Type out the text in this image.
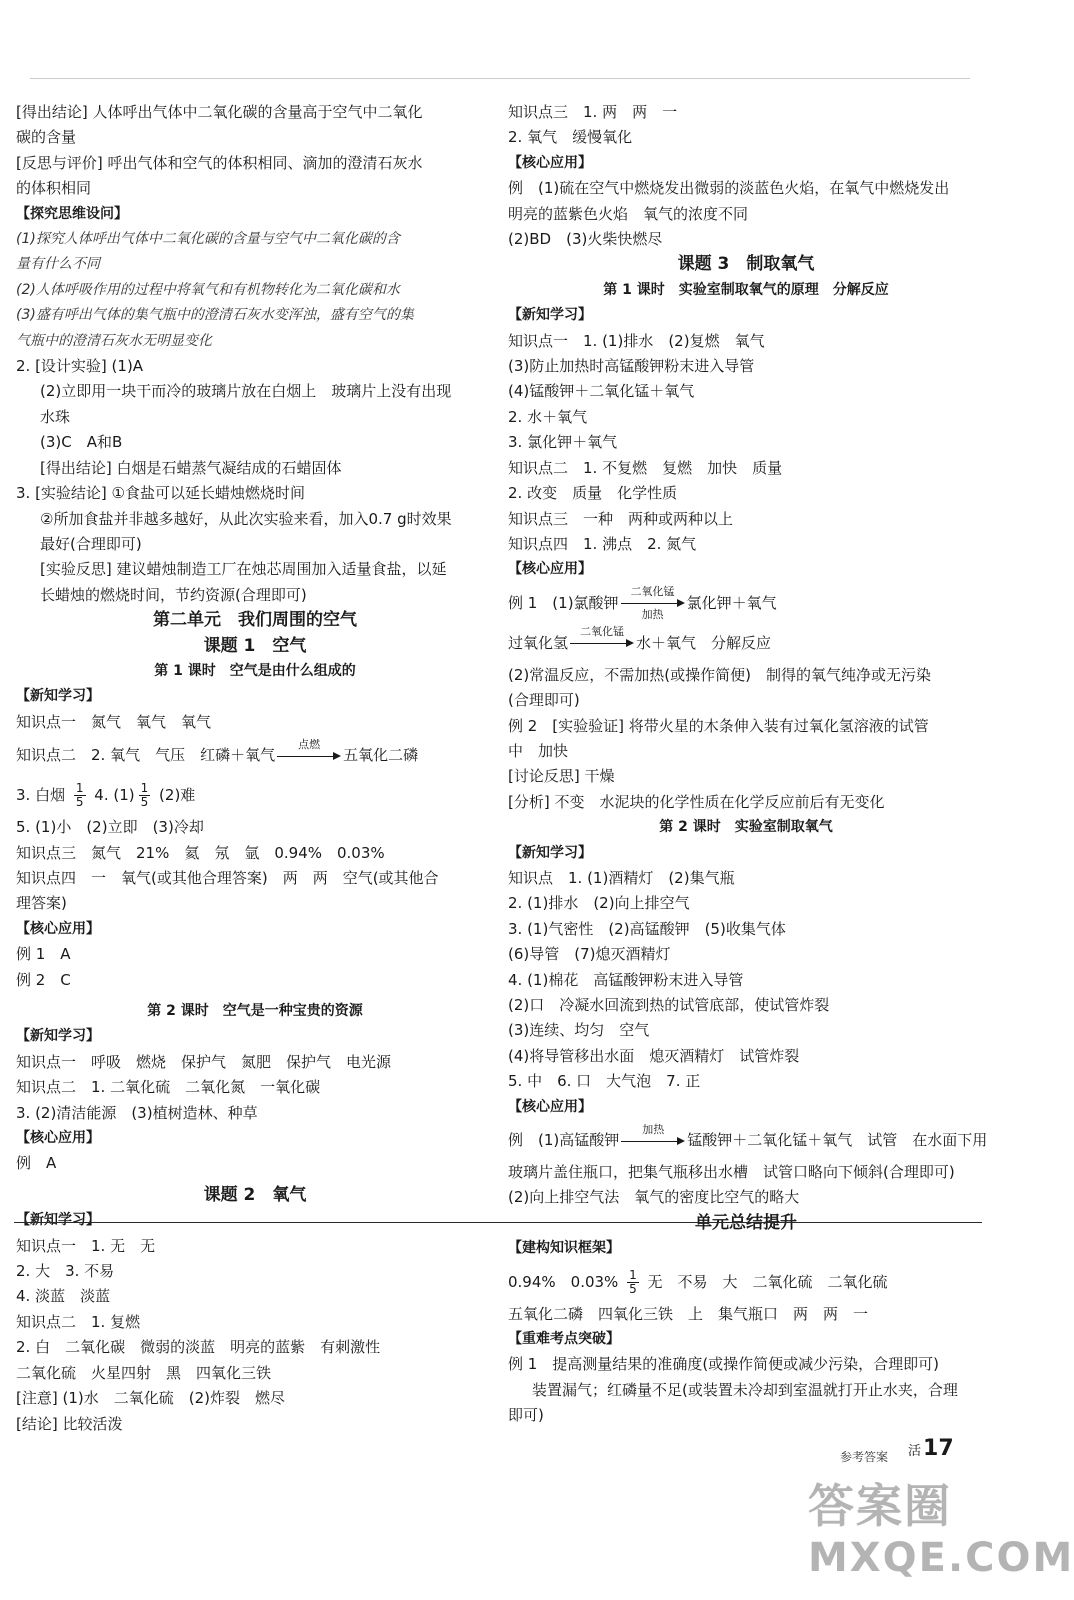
[得出结论] 人体呼出气体中二氧化碳的含量高于空气中二氧化
碳的含量
[反思与评价] 呼出气体和空气的体积相同、滴加的澄清石灰水
的体积相同
【探究思维设问】
(1)探究人体呼出气体中二氧化碳的含量与空气中二氧化碳的含
量有什么不同
(2)人体呼吸作用的过程中将氧气和有机物转化为二氧化碳和水
(3)盛有呼出气体的集气瓶中的澄清石灰水变浑浊，盛有空气的集
气瓶中的澄清石灰水无明显变化
2. [设计实验] (1)A
(2)立即用一块干而冷的玻璃片放在白烟上　玻璃片上没有出现
水珠
(3)C　A和B
[得出结论] 白烟是石蜡蒸气凝结成的石蜡固体
3. [实验结论] ①食盐可以延长蜡烛燃烧时间
②所加食盐并非越多越好，从此次实验来看，加入0.7 g时效果
最好(合理即可)
[实验反思] 建议蜡烛制造工厂在烛芯周围加入适量食盐，以延
长蜡烛的燃烧时间，节约资源(合理即可)
第二单元　我们周围的空气
课题 1　空气
第 1 课时　空气是由什么组成的
【新知学习】
知识点一　氮气　氧气　氧气
知识点二　2. 氧气　气压　红磷＋氧气
点燃
五氧化二磷
3. 白烟 $\frac{1}{5} 4$. $(1) \frac{1}{5} (2)$难
5. (1)小　(2)立即　(3)冷却
知识点三　氮气　21%　氦　氖　氩　0.94%　0.03%
知识点四　一　氧气(或其他合理答案)　两　两　空气(或其他合
理答案)
【核心应用】
例 1　A
例 2　C
第 2 课时　空气是一种宝贵的资源
【新知学习】
知识点一　呼吸　燃烧　保护气　氮肥　保护气　电光源
知识点二　1. 二氧化硫　二氧化氮　一氧化碳
3. (2)清洁能源　(3)植树造林、种草
【核心应用】
例　A
课题 2　氧气
【新知学习】
知识点一　1. 无　无
2. 大　3. 不易
4. 淡蓝　淡蓝
知识点二　1. 复燃
2. 白　二氧化碳　微弱的淡蓝　明亮的蓝紫　有刺激性
二氧化硫　火星四射　黑　四氧化三铁
[注意] (1)水　二氧化硫　(2)炸裂　燃尽
[结论] 比较活泼
知识点三　1. 两　两　一
2. 氧气　缓慢氧化
【核心应用】
例　(1)硫在空气中燃烧发出微弱的淡蓝色火焰，在氧气中燃烧发出
明亮的蓝紫色火焰　氧气的浓度不同
(2)BD　(3)火柴快燃尽
课题 3　制取氧气
第 1 课时　实验室制取氧气的原理　分解反应
【新知学习】
知识点一　1. (1)排水　(2)复燃　氧气
(3)防止加热时高锰酸钾粉末进入导管
(4)锰酸钾＋二氧化锰＋氧气
2. 水＋氧气
3. 氯化钾＋氧气
知识点二　1. 不复燃　复燃　加快　质量
2. 改变　质量　化学性质
知识点三　一种　两种或两种以上
知识点四　1. 沸点　2. 氮气
【核心应用】
例 1　(1)氯酸钾
二氧化锰
加热
氯化钾＋氧气
过氧化氢
二氧化锰
水＋氧气　分解反应
(2)常温反应，不需加热(或操作简便)　制得的氧气纯净或无污染
(合理即可)
例 2　[实验验证] 将带火星的木条伸入装有过氧化氢溶液的试管
中　加快
[讨论反思] 干燥
[分析] 不变　水泥块的化学性质在化学反应前后有无变化
第 2 课时　实验室制取氧气
【新知学习】
知识点　1. (1)酒精灯　(2)集气瓶
2. (1)排水　(2)向上排空气
3. (1)气密性　(2)高锰酸钾　(5)收集气体
(6)导管　(7)熄灭酒精灯
4. (1)棉花　高锰酸钾粉末进入导管
(2)口　冷凝水回流到热的试管底部，使试管炸裂
(3)连续、均匀　空气
(4)将导管移出水面　熄灭酒精灯　试管炸裂
5. 中　6. 口　大气泡　7. 正
【核心应用】
例　(1)高锰酸钾
加热
锰酸钾＋二氧化锰＋氧气　试管　在水面下用
玻璃片盖住瓶口，把集气瓶移出水槽　试管口略向下倾斜(合理即可)
(2)向上排空气法　氧气的密度比空气的略大
单元总结提升
【建构知识框架】
0.94%　$0.03\% \frac{1}{5}$ 无　不易　大　二氧化硫　二氧化硫
五氧化二磷　四氧化三铁　上　集气瓶口　两　两　一
【重难考点突破】
例 1　提高测量结果的准确度(或操作简便或减少污染，合理即可)
装置漏气；红磷量不足(或装置未冷却到室温就打开止水夹，合理
即可)
参考答案 活17
答案圈
MXQE.COM
